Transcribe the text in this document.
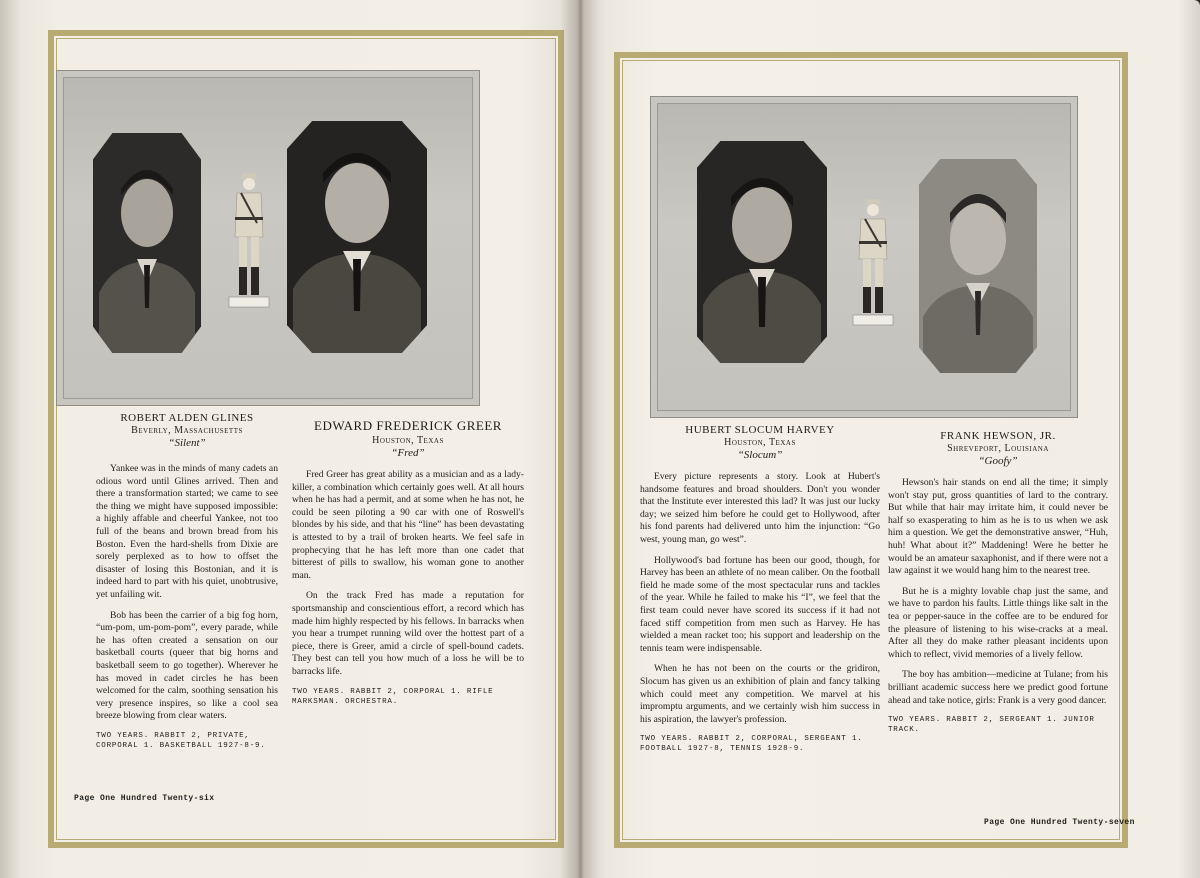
ROBERT ALDEN GLINES

Beverly, Massachusetts

“Silent”

Yankee was in the minds of many cadets an odious word until Glines arrived. Then and there a transformation started; we came to see the thing we might have supposed impossible: a highly affable and cheerful Yankee, not too full of the beans and brown bread from his Boston. Even the hard-shells from Dixie are sorely perplexed as to how to offset the disaster of losing this Bostonian, and it is indeed hard to part with his quiet, unobtrusive, yet unfailing wit.

Bob has been the carrier of a big fog horn, “um-pom, um-pom-pom”, every parade, while he has often created a sensation on our basketball courts (queer that big horns and basketball seem to go together). Wherever he has moved in cadet circles he has been welcomed for the calm, soothing sensation his very presence inspires, so like a cool sea breeze blowing from clear waters.

TWO YEARS. RABBIT 2, PRIVATE, CORPORAL 1. BASKETBALL 1927-8-9.
EDWARD FREDERICK GREER

Houston, Texas

“Fred”

Fred Greer has great ability as a musician and as a lady-killer, a combination which certainly goes well. At all hours when he has had a permit, and at some when he has not, he could be seen piloting a 90 car with one of Roswell's blondes by his side, and that his “line” has been devastating is attested to by a trail of broken hearts. We feel safe in prophecying that he has left more than one cadet that bitterest of pills to swallow, his woman gone to another man.

On the track Fred has made a reputation for sportsmanship and conscientious effort, a record which has made him highly respected by his fellows. In barracks when you hear a trumpet running wild over the hottest part of a piece, there is Greer, amid a circle of spell-bound cadets. They best can tell you how much of a loss he will be to barracks life.

TWO YEARS. RABBIT 2, CORPORAL 1. RIFLE MARKSMAN. ORCHESTRA.
Page One Hundred Twenty-six
HUBERT SLOCUM HARVEY

Houston, Texas

“Slocum”

Every picture represents a story. Look at Hubert's handsome features and broad shoulders. Don't you wonder that the Institute ever interested this lad? It was just our lucky day; we seized him before he could get to Hollywood, after his fond parents had delivered unto him the injunction: “Go west, young man, go west”.

Hollywood's bad fortune has been our good, though, for Harvey has been an athlete of no mean caliber. On the football field he made some of the most spectacular runs and tackles of the year. While he failed to make his “I”, we feel that the first team could never have scored its success if it had not faced stiff competition from men such as Harvey. He has wielded a mean racket too; his support and leadership on the tennis team were indispensable.

When he has not been on the courts or the gridiron, Slocum has given us an exhibition of plain and fancy talking which could meet any competition. We marvel at his impromptu arguments, and we certainly wish him success in his aspiration, the lawyer's profession.

TWO YEARS. RABBIT 2, CORPORAL, SERGEANT 1. FOOTBALL 1927-8, TENNIS 1928-9.
FRANK HEWSON, JR.

Shreveport, Louisiana

“Goofy”

Hewson's hair stands on end all the time; it simply won't stay put, gross quantities of lard to the contrary. But while that hair may irritate him, it could never be half so exasperating to him as he is to us when we ask him a question. We get the demonstrative answer, “Huh, huh! What about it?” Maddening! Were he better he would be an amateur saxaphonist, and if there were not a law against it we would hang him to the nearest tree.

But he is a mighty lovable chap just the same, and we have to pardon his faults. Little things like salt in the tea or pepper-sauce in the coffee are to be endured for the pleasure of listening to his wise-cracks at a meal. After all they do make rather pleasant incidents upon which to reflect, vivid memories of a lively fellow.

The boy has ambition—medicine at Tulane; from his brilliant academic success here we predict good fortune ahead and take notice, girls: Frank is a very good dancer.

TWO YEARS. RABBIT 2, SERGEANT 1. JUNIOR TRACK.
Page One Hundred Twenty-seven
